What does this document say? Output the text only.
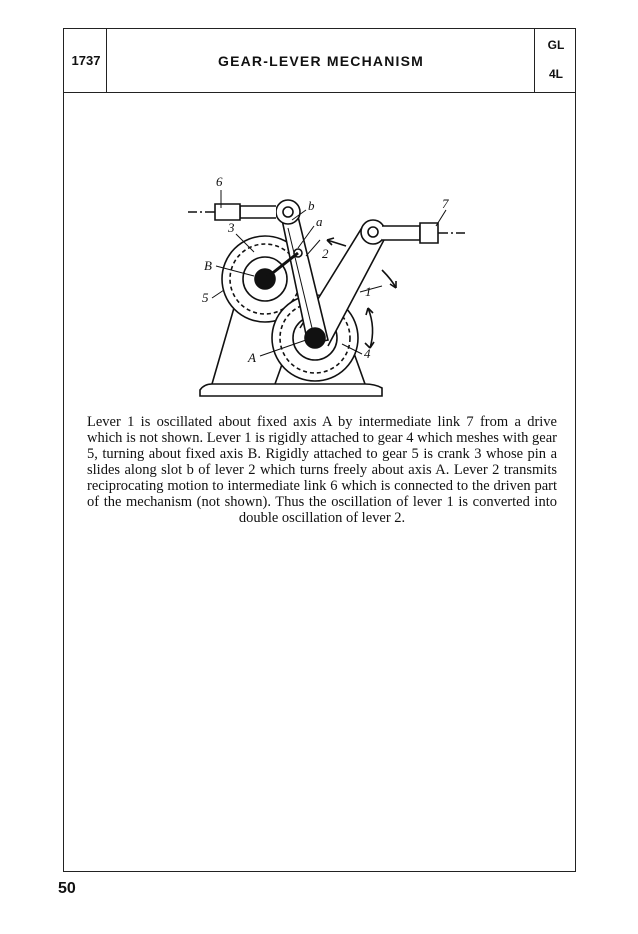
1737	GEAR-LEVER MECHANISM
GL
4L
6
7
b
a
3
2
B
1
5
A	4
Lever 1 is oscillated about fixed axis A by intermediate link 7 from a drive which is not shown. Lever 1 is rigidly attached to gear 4 which meshes with gear 5, turning about fixed axis B. Rigidly attached to gear 5 is crank 3 whose pin a slides along slot b of lever 2 which turns freely about axis A. Lever 2 transmits reciprocating motion to intermediate link 6 which is connected to the driven part of the mechanism (not shown). Thus the oscillation of lever 1 is converted into double oscillation of lever 2.
50
